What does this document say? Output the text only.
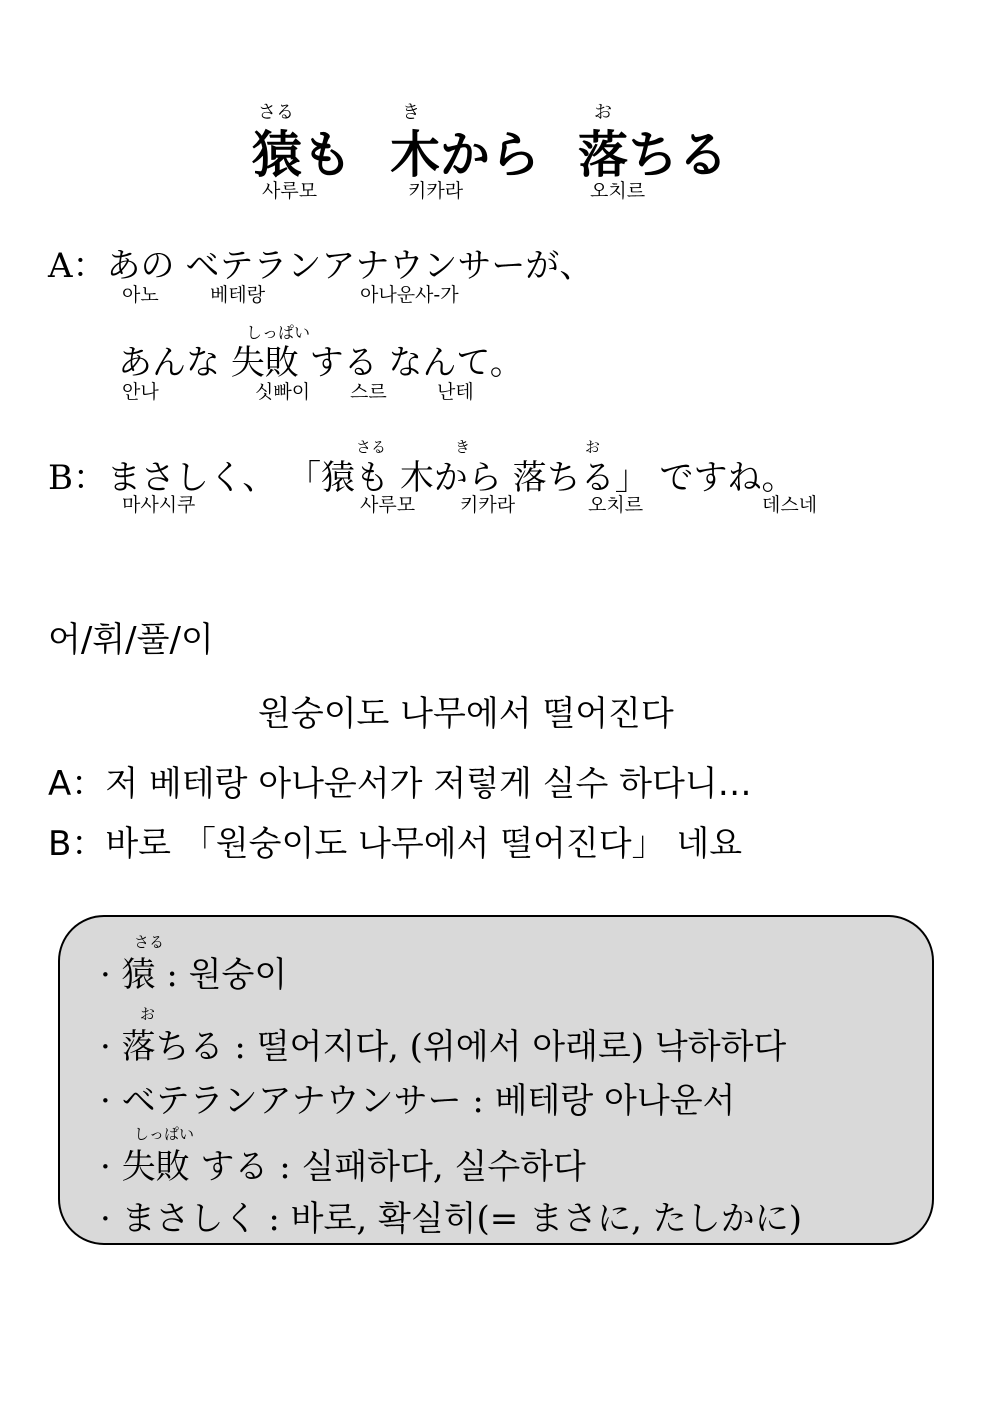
さる	き	お
猿も 木から 落ちる
사루모	키카라	오치르
A：あの ベテランアナウンサーが、
아노	베테랑	아나운사-가
しっぱい
あんな 失敗 する なんて。
안나	싯빠이 스르	난테
さる	き	お
B：まさしく、 「猿も 木から 落ちる」 ですね。
마사시쿠	사루모 키카라	오치르	데스네
어/휘/풀/이
원숭이도 나무에서 떨어진다
A：저 베테랑 아나운서가 저렇게 실수 하다니…
B：바로 「원숭이도 나무에서 떨어진다」 네요
さる
· 猿 : 원숭이
お
· 落ちる : 떨어지다, (위에서 아래로) 낙하하다
· ベテランアナウンサー : 베테랑 아나운서
しっぱい
· 失敗 する : 실패하다, 실수하다
· まさしく : 바로, 확실히(= まさに, たしかに)
